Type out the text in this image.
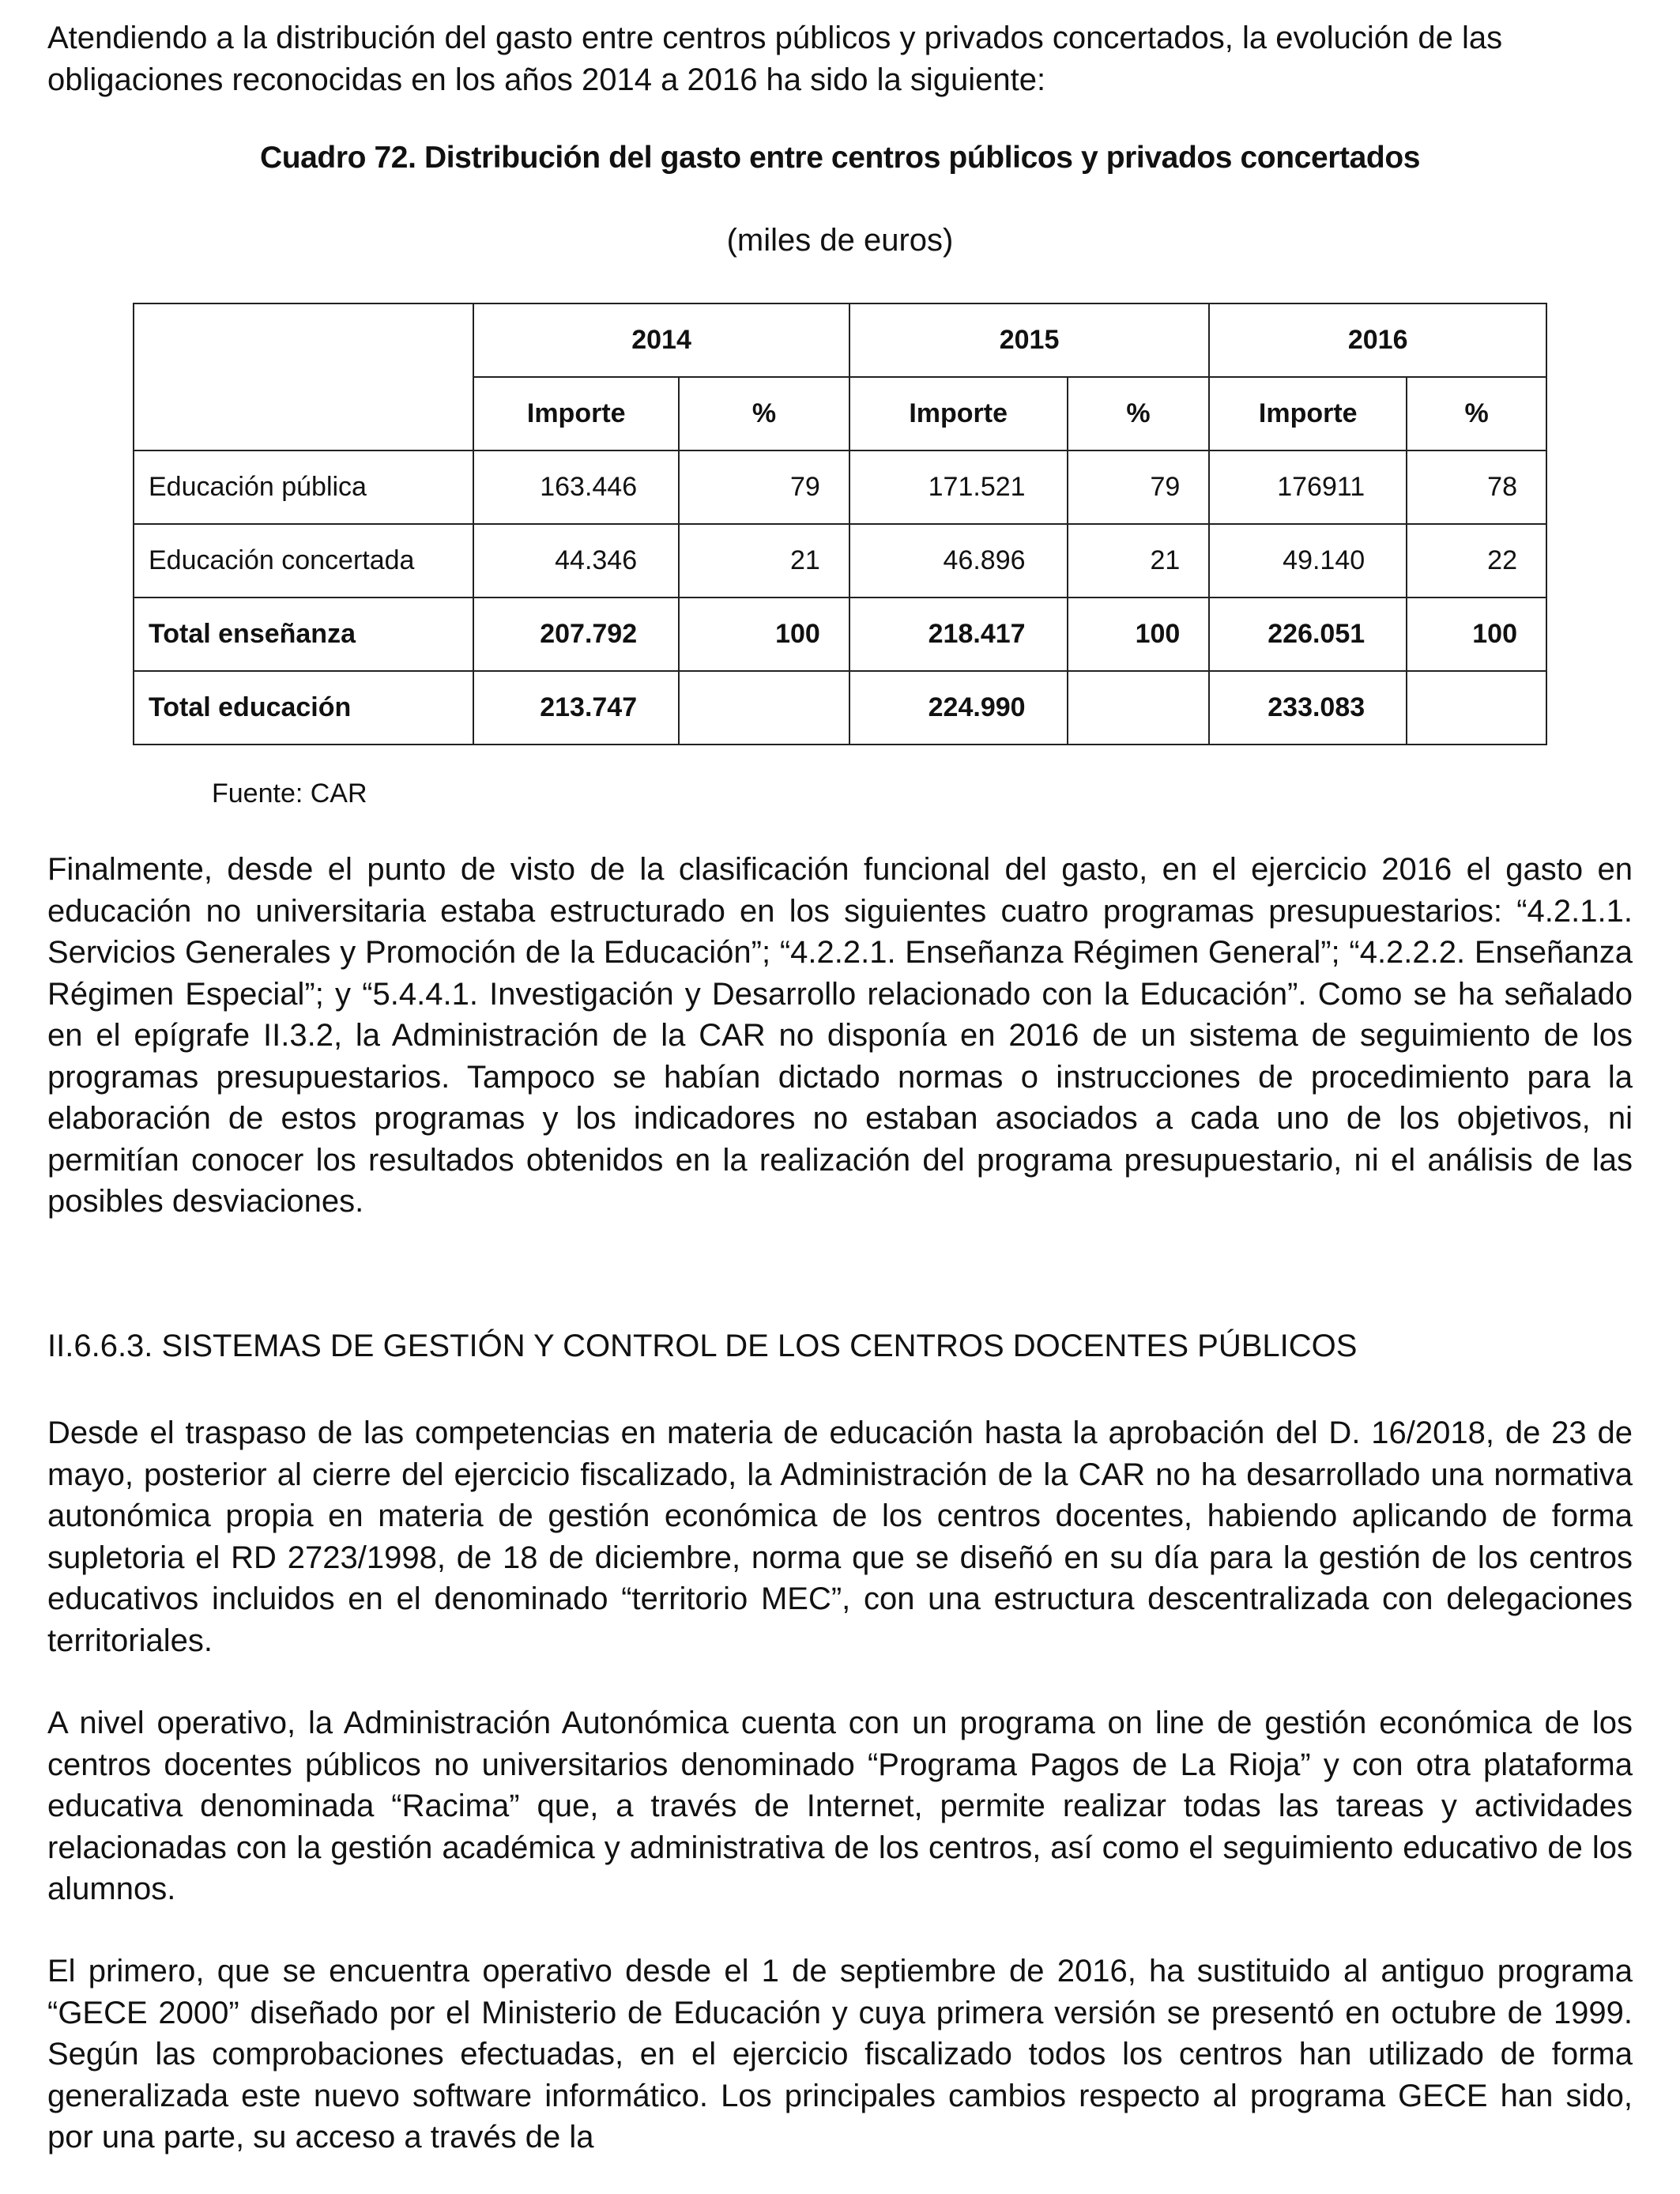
Atendiendo a la distribución del gasto entre centros públicos y privados concertados, la evolución de las obligaciones reconocidas en los años 2014 a 2016 ha sido la siguiente:

Cuadro 72. Distribución del gasto entre centros públicos y privados concertados

(miles de euros)

	2014		2015		2016	
	Importe	%	Importe	%	Importe	%
Educación pública	163.446	79	171.521	79	176911	78
Educación concertada	44.346	21	46.896	21	49.140	22
Total enseñanza	207.792	100	218.417	100	226.051	100
Total educación	213.747		224.990		233.083	

Fuente: CAR

Finalmente, desde el punto de visto de la clasificación funcional del gasto, en el ejercicio 2016 el gasto en educación no universitaria estaba estructurado en los siguientes cuatro programas presupuestarios: “4.2.1.1. Servicios Generales y Promoción de la Educación”; “4.2.2.1. Enseñanza Régimen General”; “4.2.2.2. Enseñanza Régimen Especial”; y “5.4.4.1. Investigación y Desarrollo relacionado con la Educación”. Como se ha señalado en el epígrafe II.3.2, la Administración de la CAR no disponía en 2016 de un sistema de seguimiento de los programas presupuestarios. Tampoco se habían dictado normas o instrucciones de procedimiento para la elaboración de estos programas y los indicadores no estaban asociados a cada uno de los objetivos, ni permitían conocer los resultados obtenidos en la realización del programa presupuestario, ni el análisis de las posibles desviaciones.

II.6.6.3. SISTEMAS DE GESTIÓN Y CONTROL DE LOS CENTROS DOCENTES PÚBLICOS

Desde el traspaso de las competencias en materia de educación hasta la aprobación del D. 16/2018, de 23 de mayo, posterior al cierre del ejercicio fiscalizado, la Administración de la CAR no ha desarrollado una normativa autonómica propia en materia de gestión económica de los centros docentes, habiendo aplicando de forma supletoria el RD 2723/1998, de 18 de diciembre, norma que se diseñó en su día para la gestión de los centros educativos incluidos en el denominado “territorio MEC”, con una estructura descentralizada con delegaciones territoriales.

A nivel operativo, la Administración Autonómica cuenta con un programa on line de gestión económica de los centros docentes públicos no universitarios denominado “Programa Pagos de La Rioja” y con otra plataforma educativa denominada “Racima” que, a través de Internet, permite realizar todas las tareas y actividades relacionadas con la gestión académica y administrativa de los centros, así como el seguimiento educativo de los alumnos.

El primero, que se encuentra operativo desde el 1 de septiembre de 2016, ha sustituido al antiguo programa “GECE 2000” diseñado por el Ministerio de Educación y cuya primera versión se presentó en octubre de 1999. Según las comprobaciones efectuadas, en el ejercicio fiscalizado todos los centros han utilizado de forma generalizada este nuevo software informático. Los principales cambios respecto al programa GECE han sido, por una parte, su acceso a través de la
